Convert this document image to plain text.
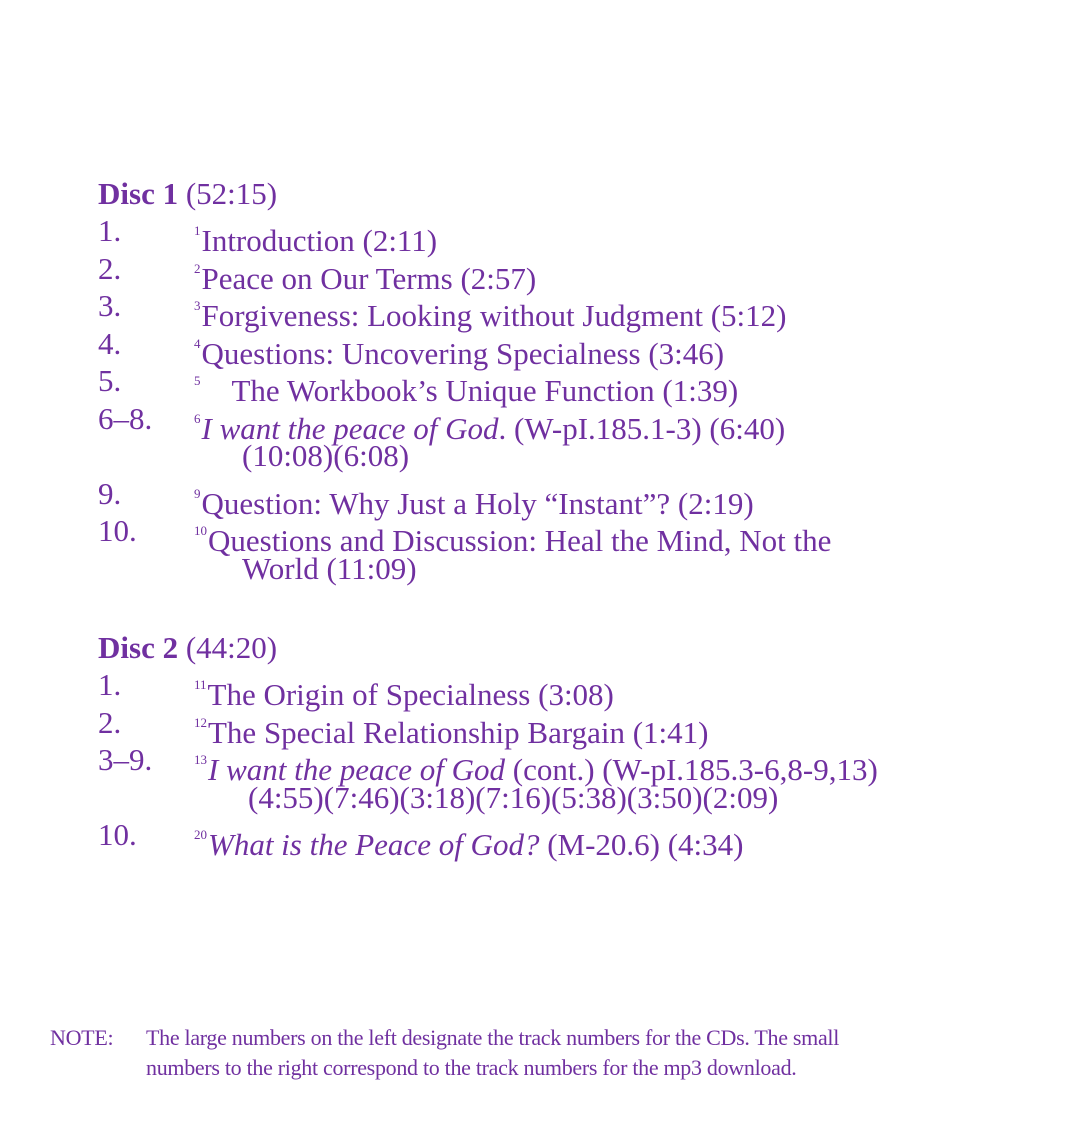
Disc 1 (52:15)
1.	$^1$Introduction (2:11)
2.	$^2$Peace on Our Terms (2:57)
3.	$^3$Forgiveness: Looking without Judgment (5:12)
4.	$^4$Questions: Uncovering Specialness (3:46)
5.	$^5$ The Workbook’s Unique Function (1:39)
6–8.	$^6$I want the peace of God. (W-pI.185.1-3) (6:40)
(10:08)(6:08)
9.	$^9$Question: Why Just a Holy “Instant”? (2:19)
10.	$^{10}$Questions and Discussion: Heal the Mind, Not the
World (11:09)
Disc 2 (44:20)
1.	$^{11}$The Origin of Specialness (3:08)
2.	$^{12}$The Special Relationship Bargain (1:41)
3–9.	$^{13}$I want the peace of God (cont.) (W-pI.185.3-6,8-9,13)
(4:55)(7:46)(3:18)(7:16)(5:38)(3:50)(2:09)
10.	$^{20}$What is the Peace of God? (M-20.6) (4:34)
NOTE: The large numbers on the left designate the track numbers for the CDs. The small
numbers to the right correspond to the track numbers for the mp3 download.
